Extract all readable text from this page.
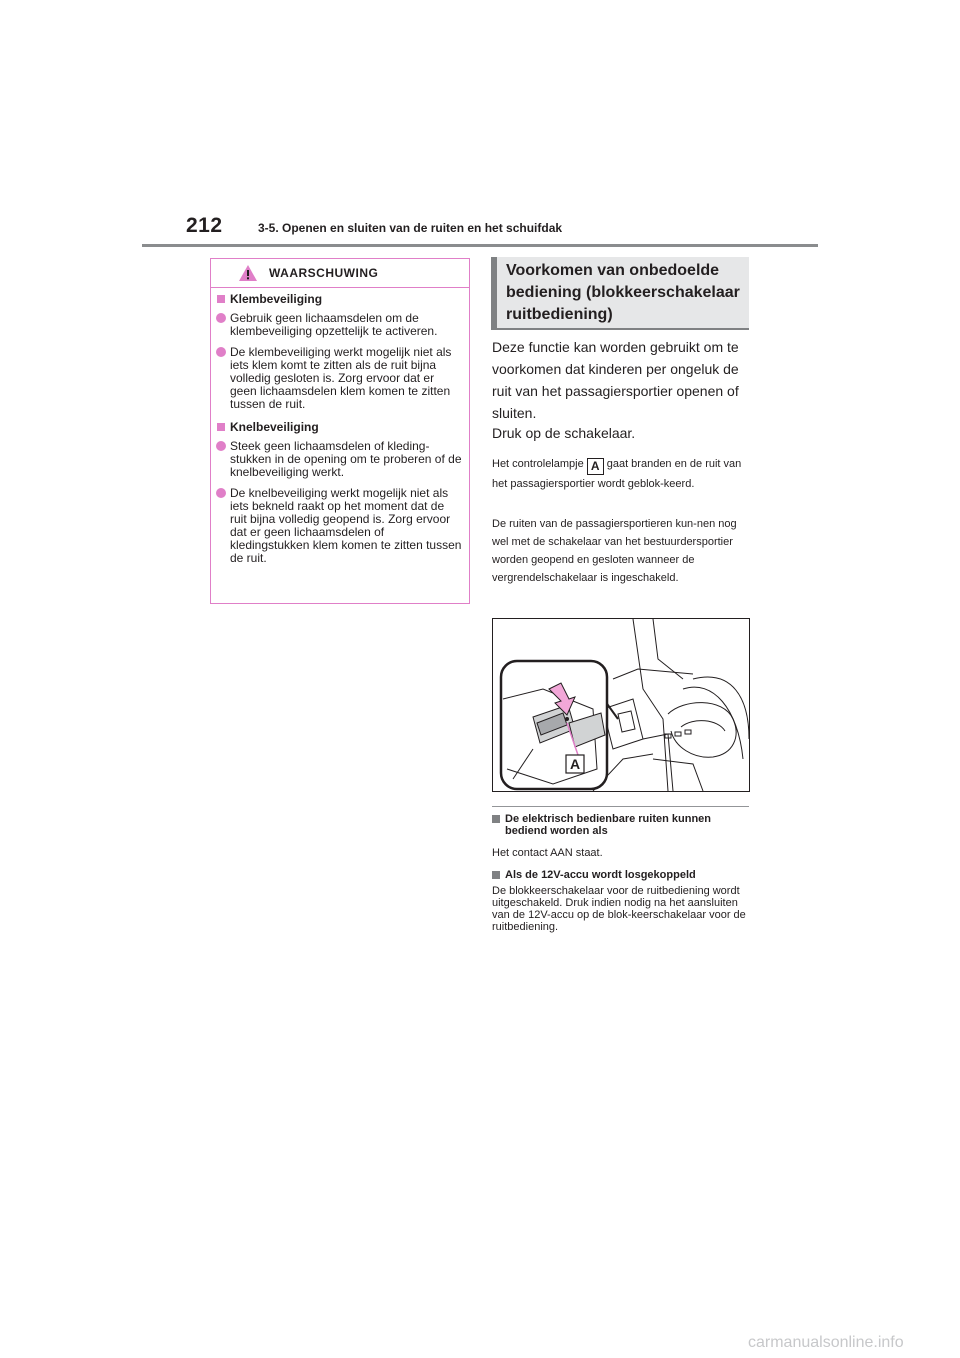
212	3-5. Openen en sluiten van de ruiten en het schuifdak
WAARSCHUWING
Klembeveiliging
Gebruik geen lichaamsdelen om de klembeveiliging opzettelijk te activeren.
De klembeveiliging werkt mogelijk niet als iets klem komt te zitten als de ruit bijna volledig gesloten is. Zorg ervoor dat er geen lichaamsdelen klem komen te zitten tussen de ruit.
Knelbeveiliging
Steek geen lichaamsdelen of kleding-stukken in de opening om te proberen of de knelbeveiliging werkt.
De knelbeveiliging werkt mogelijk niet als iets bekneld raakt op het moment dat de ruit bijna volledig geopend is. Zorg ervoor dat er geen lichaamsdelen of kledingstukken klem komen te zitten tussen de ruit.
Voorkomen van onbedoelde bediening (blokkeerschakelaar ruitbediening)
Deze functie kan worden gebruikt om te voorkomen dat kinderen per ongeluk de ruit van het passagiersportier openen of sluiten.
Druk op de schakelaar.
Het controlelampje A gaat branden en de ruit van het passagiersportier wordt geblok-keerd.
De ruiten van de passagiersportieren kun-nen nog wel met de schakelaar van het bestuurdersportier worden geopend en gesloten wanneer de vergrendelschakelaar is ingeschakeld.
A
De elektrisch bedienbare ruiten kunnen bediend worden als
Het contact AAN staat.
Als de 12V-accu wordt losgekoppeld
De blokkeerschakelaar voor de ruitbediening wordt uitgeschakeld. Druk indien nodig na het aansluiten van de 12V-accu op de blok-keerschakelaar voor de ruitbediening.
carmanualsonline.info
